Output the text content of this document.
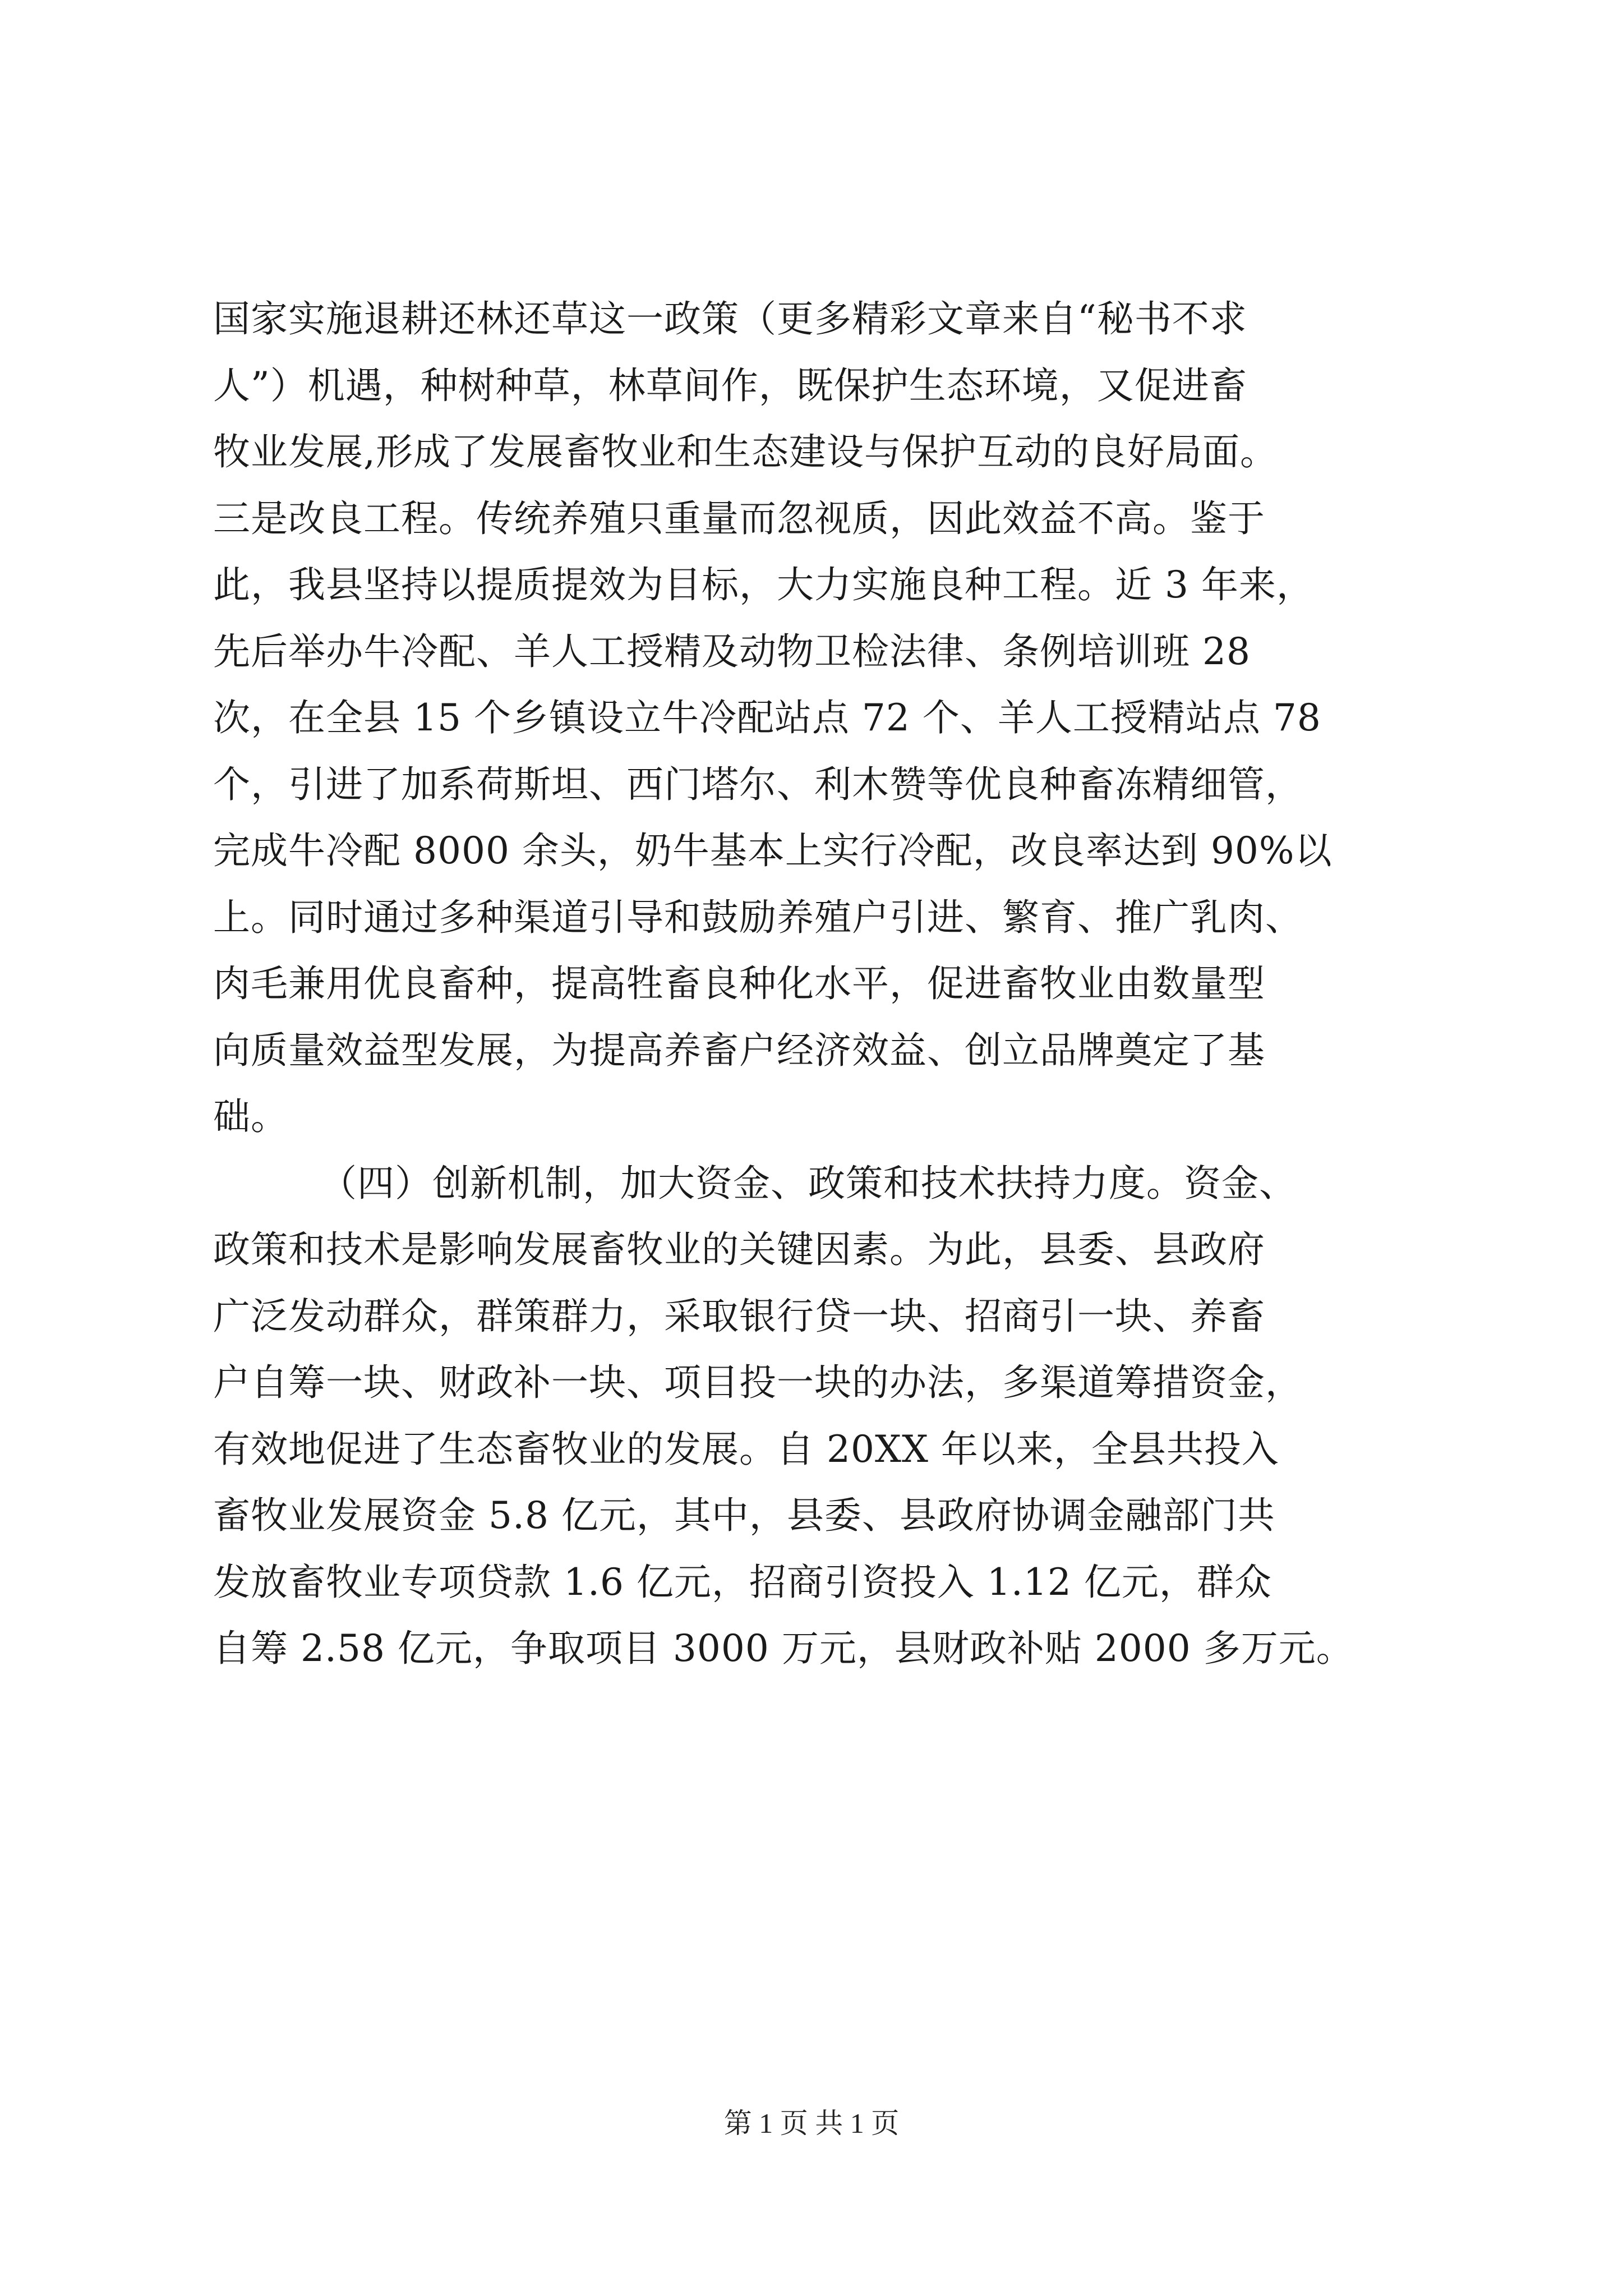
国家实施退耕还林还草这一政策（更多精彩文章来自“秘书不求
人”）机遇，种树种草，林草间作，既保护生态环境，又促进畜
牧业发展,形成了发展畜牧业和生态建设与保护互动的良好局面。
三是改良工程。传统养殖只重量而忽视质，因此效益不高。鉴于
此，我县坚持以提质提效为目标，大力实施良种工程。近 3 年来，
先后举办牛冷配、羊人工授精及动物卫检法律、条例培训班 28
次，在全县 15 个乡镇设立牛冷配站点 72 个、羊人工授精站点 78
个，引进了加系荷斯坦、西门塔尔、利木赞等优良种畜冻精细管，
完成牛冷配 8000 余头，奶牛基本上实行冷配，改良率达到 90%以
上。同时通过多种渠道引导和鼓励养殖户引进、繁育、推广乳肉、
肉毛兼用优良畜种，提高牲畜良种化水平，促进畜牧业由数量型
向质量效益型发展，为提高养畜户经济效益、创立品牌奠定了基
础。
（四）创新机制，加大资金、政策和技术扶持力度。资金、
政策和技术是影响发展畜牧业的关键因素。为此，县委、县政府
广泛发动群众，群策群力，采取银行贷一块、招商引一块、养畜
户自筹一块、财政补一块、项目投一块的办法，多渠道筹措资金，
有效地促进了生态畜牧业的发展。自 20XX 年以来，全县共投入
畜牧业发展资金 5.8 亿元，其中，县委、县政府协调金融部门共
发放畜牧业专项贷款 1.6 亿元，招商引资投入 1.12 亿元，群众
自筹 2.58 亿元，争取项目 3000 万元，县财政补贴 2000 多万元。
第 1 页 共 1 页
